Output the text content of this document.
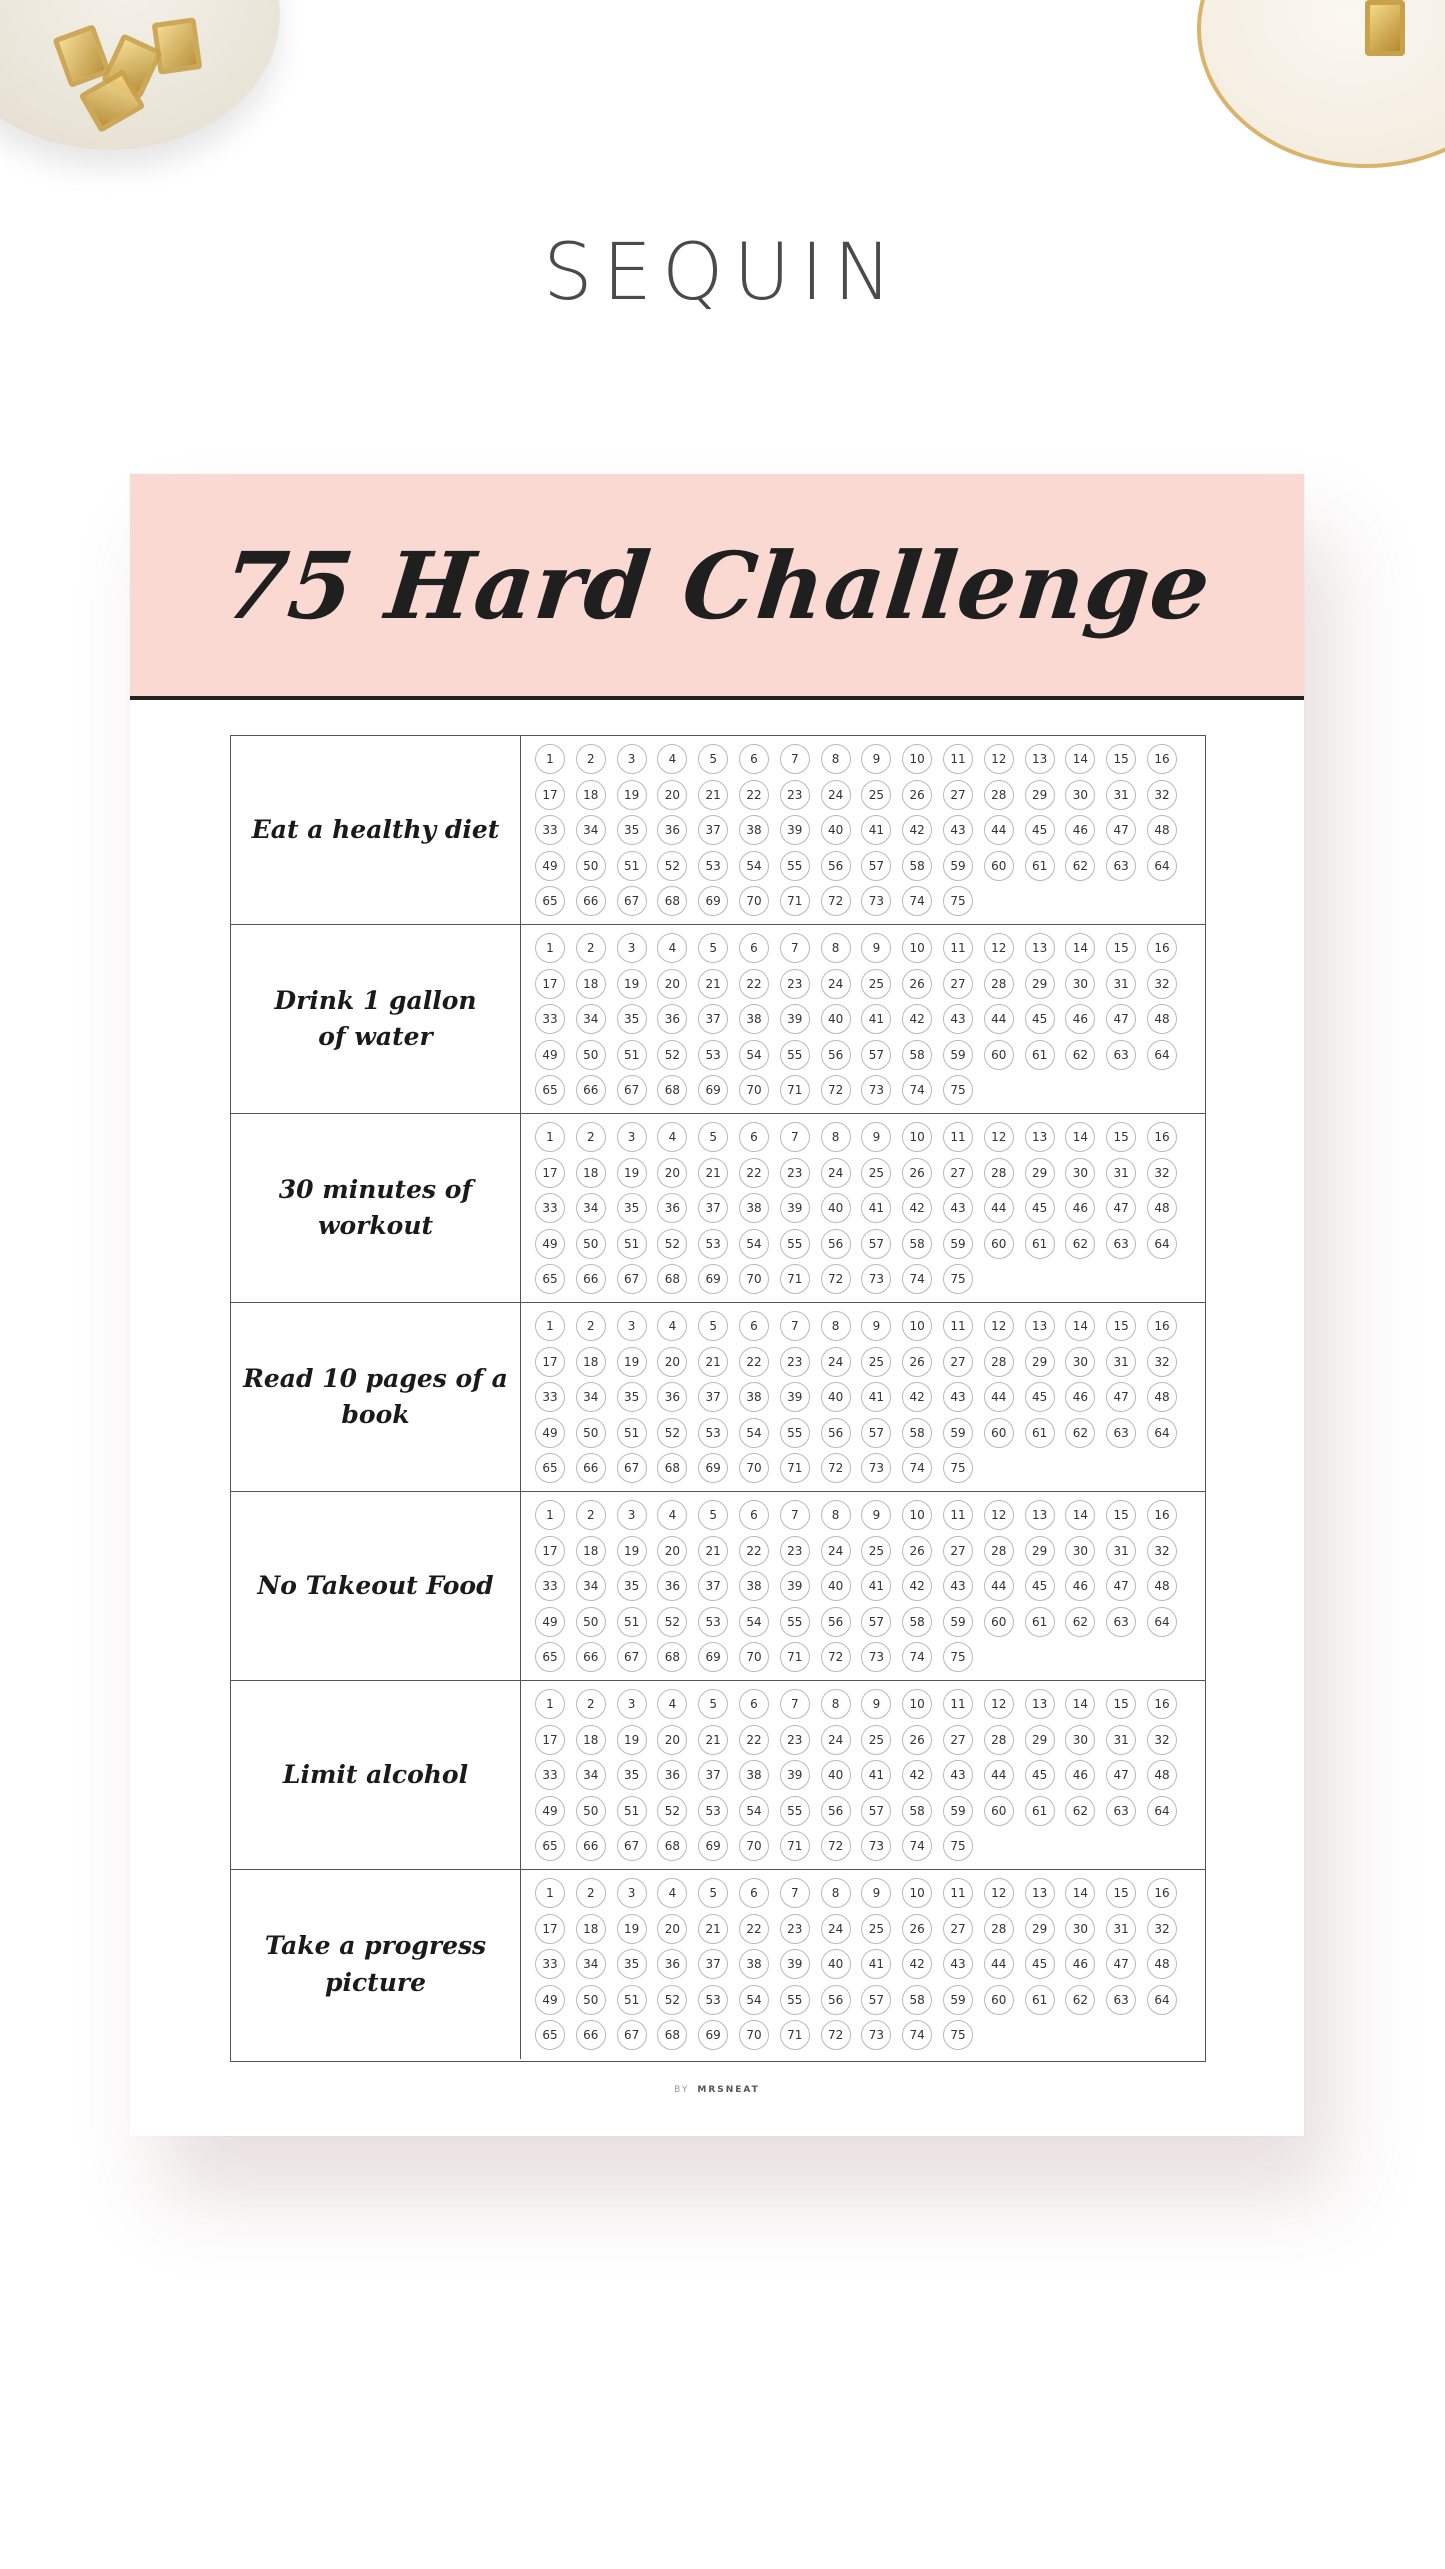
SEQUIN
75 Hard Challenge
Eat a healthy diet
1	2	3	4	5	6	7	8	9	10	11	12	13	14	15	16
17	18	19	20	21	22	23	24	25	26	27	28	29	30	31	32
33	34	35	36	37	38	39	40	41	42	43	44	45	46	47	48
49	50	51	52	53	54	55	56	57	58	59	60	61	62	63	64
65	66	67	68	69	70	71	72	73	74	75
Drink 1 gallon
of water
1	2	3	4	5	6	7	8	9	10	11	12	13	14	15	16
17	18	19	20	21	22	23	24	25	26	27	28	29	30	31	32
33	34	35	36	37	38	39	40	41	42	43	44	45	46	47	48
49	50	51	52	53	54	55	56	57	58	59	60	61	62	63	64
65	66	67	68	69	70	71	72	73	74	75
30 minutes of workout
1	2	3	4	5	6	7	8	9	10	11	12	13	14	15	16
17	18	19	20	21	22	23	24	25	26	27	28	29	30	31	32
33	34	35	36	37	38	39	40	41	42	43	44	45	46	47	48
49	50	51	52	53	54	55	56	57	58	59	60	61	62	63	64
65	66	67	68	69	70	71	72	73	74	75
Read 10 pages of a book
1	2	3	4	5	6	7	8	9	10	11	12	13	14	15	16
17	18	19	20	21	22	23	24	25	26	27	28	29	30	31	32
33	34	35	36	37	38	39	40	41	42	43	44	45	46	47	48
49	50	51	52	53	54	55	56	57	58	59	60	61	62	63	64
65	66	67	68	69	70	71	72	73	74	75
No Takeout Food
1	2	3	4	5	6	7	8	9	10	11	12	13	14	15	16
17	18	19	20	21	22	23	24	25	26	27	28	29	30	31	32
33	34	35	36	37	38	39	40	41	42	43	44	45	46	47	48
49	50	51	52	53	54	55	56	57	58	59	60	61	62	63	64
65	66	67	68	69	70	71	72	73	74	75
Limit alcohol
1	2	3	4	5	6	7	8	9	10	11	12	13	14	15	16
17	18	19	20	21	22	23	24	25	26	27	28	29	30	31	32
33	34	35	36	37	38	39	40	41	42	43	44	45	46	47	48
49	50	51	52	53	54	55	56	57	58	59	60	61	62	63	64
65	66	67	68	69	70	71	72	73	74	75
Take a progress picture
1	2	3	4	5	6	7	8	9	10	11	12	13	14	15	16
17	18	19	20	21	22	23	24	25	26	27	28	29	30	31	32
33	34	35	36	37	38	39	40	41	42	43	44	45	46	47	48
49	50	51	52	53	54	55	56	57	58	59	60	61	62	63	64
65	66	67	68	69	70	71	72	73	74	75
BY MRSNEAT
